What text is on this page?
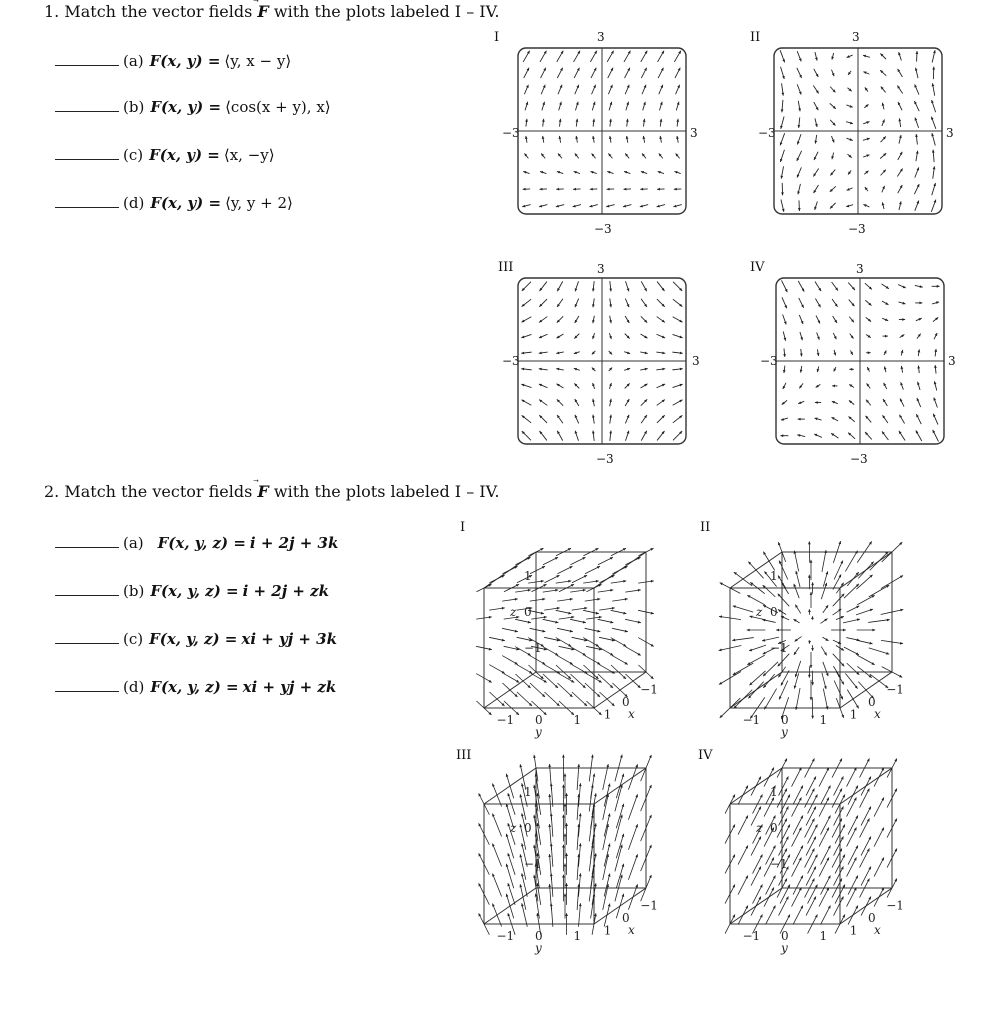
1. Match the vector fields F with the plots labeled I – IV.
(a) F(x, y) = ⟨y, x − y⟩
(b) F(x, y) = ⟨cos(x + y), x⟩
(c) F(x, y) = ⟨x, −y⟩
(d) F(x, y) = ⟨y, y + 2⟩
I	3
−3
−3	3
II	3
−3
−3	3
III	3
−3
−3	3
IV	3
−3
−3	3
2. Match the vector fields F with the plots labeled I – IV.
(a) F(x, y, z) = i + 2j + 3k
(b) F(x, y, z) = i + 2j + zk
(c) F(x, y, z) = xi + yj + 3k
(d) F(x, y, z) = xi + yj + zk
I	II
III	IV
1
0
−1
z
−1 0	1
y
1
0
−1
x
1
0
−1
z
−1 0	1
y
1
0
−1
x
1
0
−1
z
−1 0	1
y
1
0
−1
x
1
0
−1
z
−1 0	1
y
1
0
−1
x
